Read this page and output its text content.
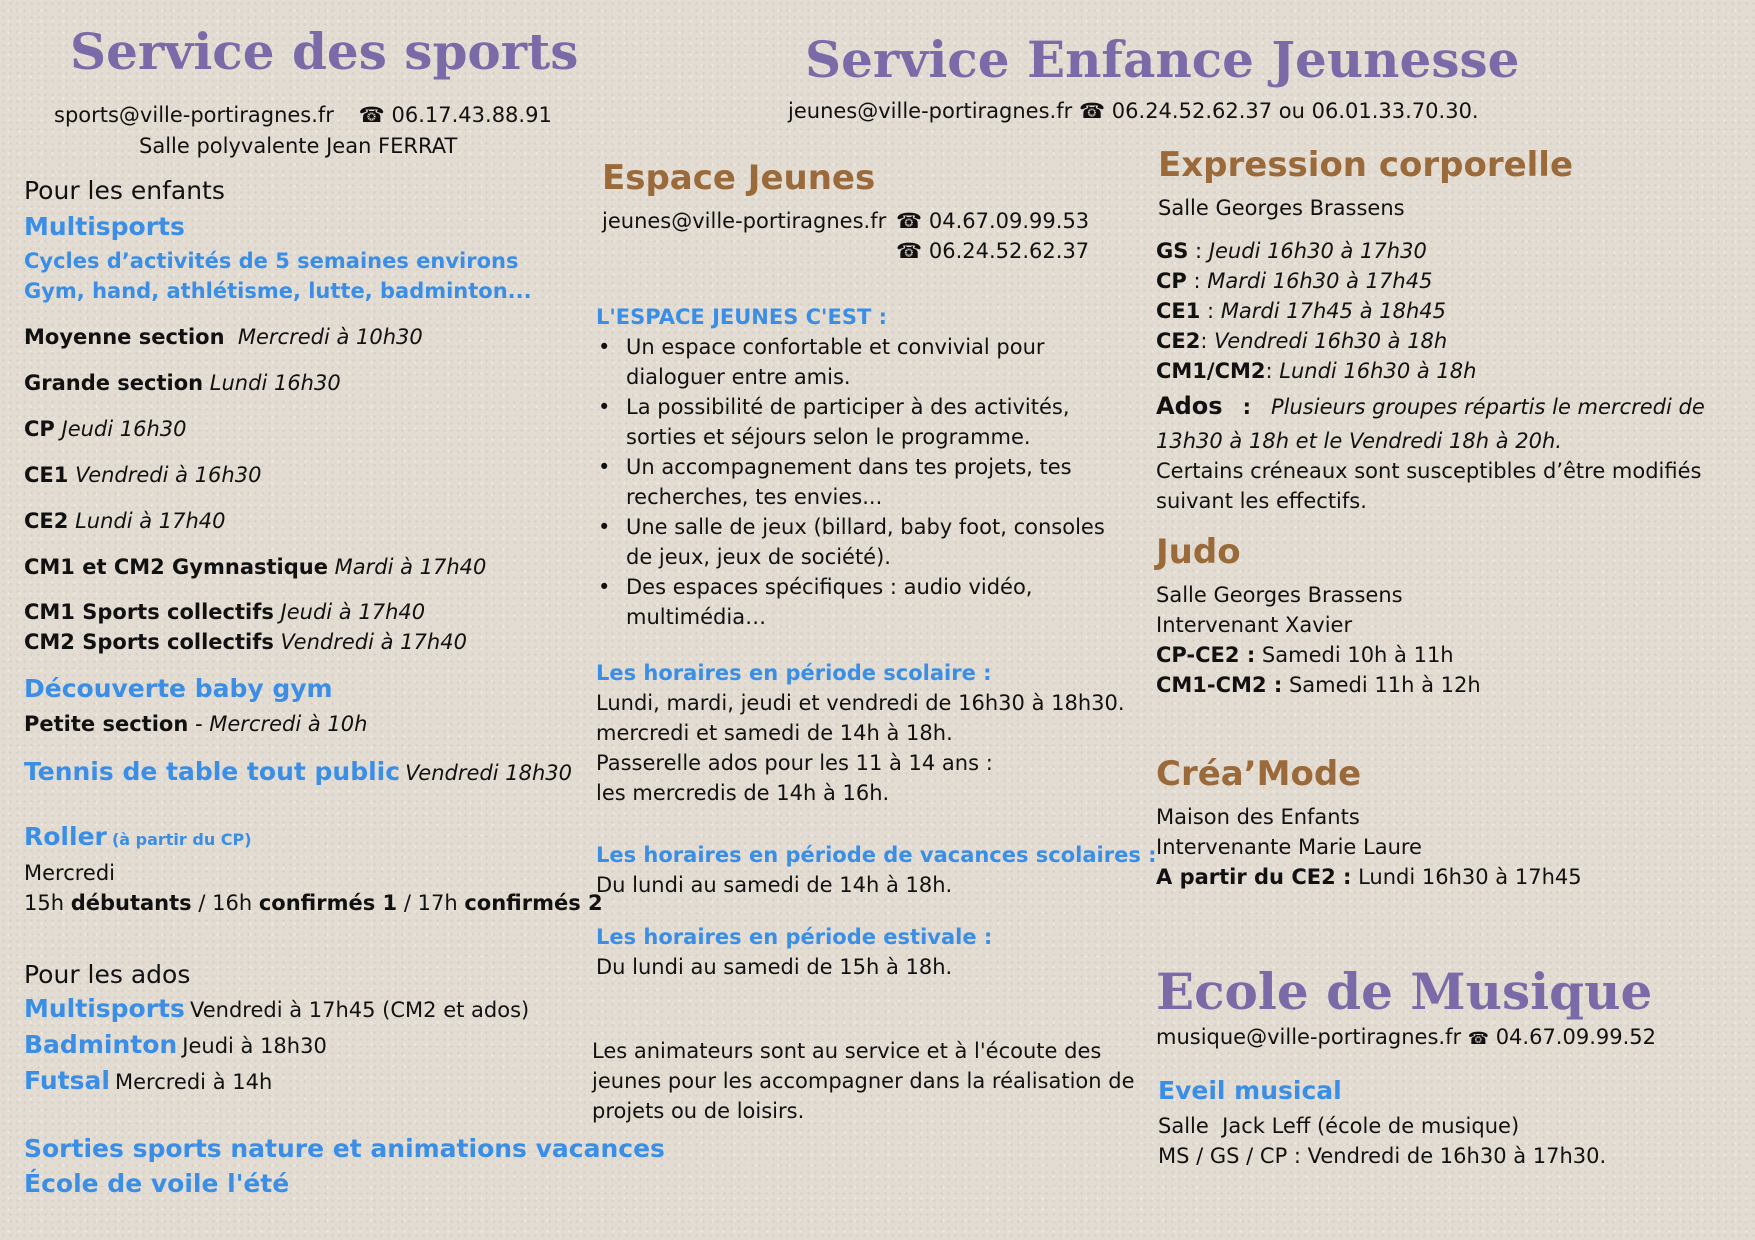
Service des sports
sports@ville-portiragnes.fr ☎ 06.17.43.88.91
Salle polyvalente Jean FERRAT
Pour les enfants
Multisports
Cycles d’activités de 5 semaines environs
Gym, hand, athlétisme, lutte, badminton...
Moyenne section Mercredi à 10h30
Grande section Lundi 16h30
CP Jeudi 16h30
CE1 Vendredi à 16h30
CE2 Lundi à 17h40
CM1 et CM2 Gymnastique Mardi à 17h40
CM1 Sports collectifs Jeudi à 17h40
CM2 Sports collectifs Vendredi à 17h40
Découverte baby gym
Petite section - Mercredi à 10h
Tennis de table tout public Vendredi 18h30
Roller (à partir du CP)
Mercredi
15h débutants / 16h confirmés 1 / 17h confirmés 2
Pour les ados
Multisports Vendredi à 17h45 (CM2 et ados)
Badminton Jeudi à 18h30
Futsal Mercredi à 14h
Sorties sports nature et animations vacances
École de voile l'été
Service Enfance Jeunesse
jeunes@ville-portiragnes.fr ☎ 06.24.52.62.37 ou 06.01.33.70.30.
Espace Jeunes
jeunes@ville-portiragnes.fr ☎ 04.67.09.99.53
☎ 06.24.52.62.37
L'ESPACE JEUNES C'EST :
• Un espace confortable et convivial pour dialoguer entre amis.
• La possibilité de participer à des activités, sorties et séjours selon le programme.
• Un accompagnement dans tes projets, tes recherches, tes envies...
• Une salle de jeux (billard, baby foot, consoles de jeux, jeux de société).
• Des espaces spécifiques : audio vidéo, multimédia…
Les horaires en période scolaire :
Lundi, mardi, jeudi et vendredi de 16h30 à 18h30.
mercredi et samedi de 14h à 18h.
Passerelle ados pour les 11 à 14 ans :
les mercredis de 14h à 16h.
Les horaires en période de vacances scolaires :
Du lundi au samedi de 14h à 18h.
Les horaires en période estivale :
Du lundi au samedi de 15h à 18h.
Les animateurs sont au service et à l'écoute des
jeunes pour les accompagner dans la réalisation de
projets ou de loisirs.
Expression corporelle
Salle Georges Brassens
GS : Jeudi 16h30 à 17h30
CP : Mardi 16h30 à 17h45
CE1 : Mardi 17h45 à 18h45
CE2: Vendredi 16h30 à 18h
CM1/CM2: Lundi 16h30 à 18h
Ados : Plusieurs groupes répartis le mercredi de
13h30 à 18h et le Vendredi 18h à 20h.
Certains créneaux sont susceptibles d’être modifiés
suivant les effectifs.
Judo
Salle Georges Brassens
Intervenant Xavier
CP-CE2 : Samedi 10h à 11h
CM1-CM2 : Samedi 11h à 12h
Créa’Mode
Maison des Enfants
Intervenante Marie Laure
A partir du CE2 : Lundi 16h30 à 17h45
Ecole de Musique
musique@ville-portiragnes.fr ☎ 04.67.09.99.52
Eveil musical
Salle  Jack Leff (école de musique)
MS / GS / CP : Vendredi de 16h30 à 17h30.
